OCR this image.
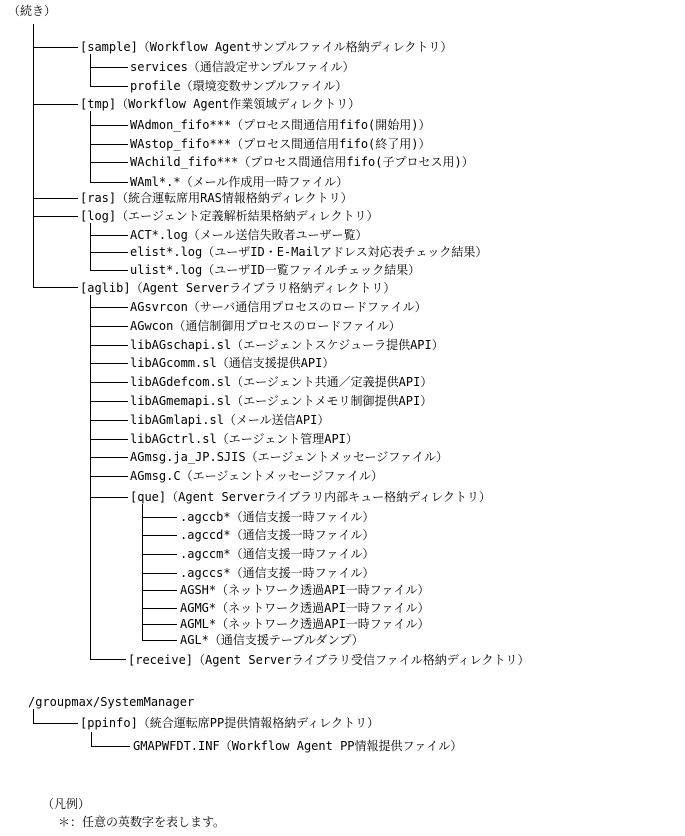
（続き）
[sample]（Workflow Agentサンプルファイル格納ディレクトリ）
services（通信設定サンプルファイル）
profile（環境変数サンプルファイル）
[tmp]（Workflow Agent作業領域ディレクトリ）
WAdmon_fifo***（プロセス間通信用fifo(開始用)）
WAstop_fifo***（プロセス間通信用fifo(終了用)）
WAchild_fifo***（プロセス間通信用fifo(子プロセス用)）
WAml*.*（メール作成用一時ファイル）
[ras]（統合運転席用RAS情報格納ディレクトリ）
[log]（エージェント定義解析結果格納ディレクトリ）
ACT*.log（メール送信失敗者ユーザー覧）
elist*.log（ユーザID・E-Mailアドレス対応表チェック結果）
ulist*.log（ユーザID一覧ファイルチェック結果）
[aglib]（Agent Serverライブラリ格納ディレクトリ）
AGsvrcon（サーバ通信用プロセスのロードファイル）
AGwcon（通信制御用プロセスのロードファイル）
libAGschapi.sl（エージェントスケジューラ提供API）
libAGcomm.sl（通信支援提供API）
libAGdefcom.sl（エージェント共通／定義提供API）
libAGmemapi.sl（エージェントメモリ制御提供API）
libAGmlapi.sl（メール送信API）
libAGctrl.sl（エージェント管理API）
AGmsg.ja_JP.SJIS（エージェントメッセージファイル）
AGmsg.C（エージェントメッセージファイル）
[que]（Agent Serverライブラリ内部キュー格納ディレクトリ）
.agccb*（通信支援一時ファイル）
.agccd*（通信支援一時ファイル）
.agccm*（通信支援一時ファイル）
.agccs*（通信支援一時ファイル）
AGSH*（ネットワーク透過API一時ファイル）
AGMG*（ネットワーク透過API一時ファイル）
AGML*（ネットワーク透過API一時ファイル）
AGL*（通信支援テーブルダンプ）
[receive]（Agent Serverライブラリ受信ファイル格納ディレクトリ）
/groupmax/SystemManager
[ppinfo]（統合運転席PP提供情報格納ディレクトリ）
GMAPWFDT.INF（Workflow Agent PP情報提供ファイル）
（凡例）
＊：任意の英数字を表します。
